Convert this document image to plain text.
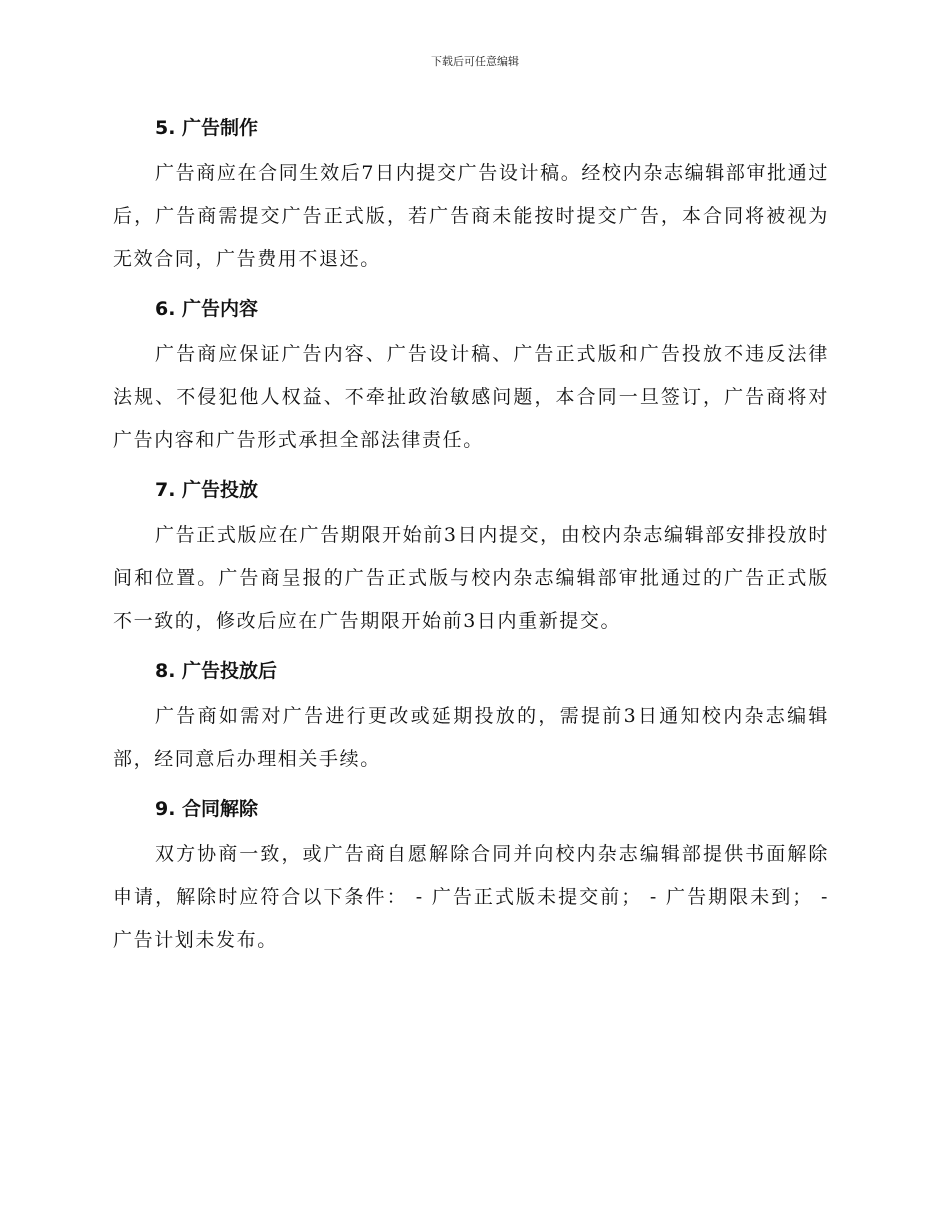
下载后可任意编辑
5. 广告制作

广告商应在合同生效后7日内提交广告设计稿。经校内杂志编辑部审批通过后，广告商需提交广告正式版，若广告商未能按时提交广告，本合同将被视为无效合同，广告费用不退还。

6. 广告内容

广告商应保证广告内容、广告设计稿、广告正式版和广告投放不违反法律法规、不侵犯他人权益、不牵扯政治敏感问题，本合同一旦签订，广告商将对广告内容和广告形式承担全部法律责任。

7. 广告投放

广告正式版应在广告期限开始前3日内提交，由校内杂志编辑部安排投放时间和位置。广告商呈报的广告正式版与校内杂志编辑部审批通过的广告正式版不一致的，修改后应在广告期限开始前3日内重新提交。

8. 广告投放后

广告商如需对广告进行更改或延期投放的，需提前3日通知校内杂志编辑部，经同意后办理相关手续。

9. 合同解除

双方协商一致，或广告商自愿解除合同并向校内杂志编辑部提供书面解除申请，解除时应符合以下条件： - 广告正式版未提交前； - 广告期限未到； - 广告计划未发布。
